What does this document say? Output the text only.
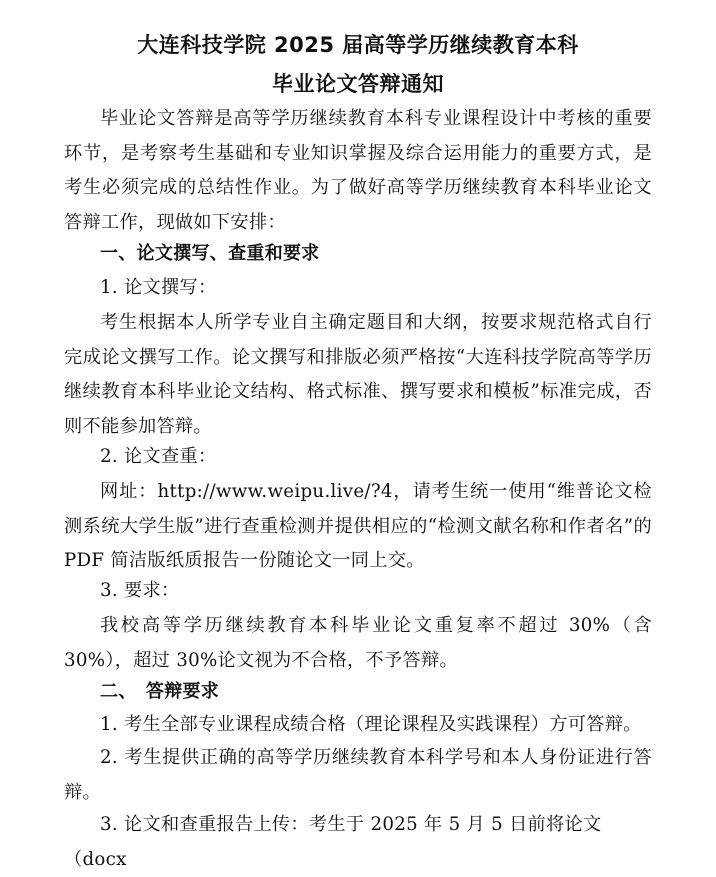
大连科技学院 2025 届高等学历继续教育本科
毕业论文答辩通知

毕业论文答辩是高等学历继续教育本科专业课程设计中考核的重要环节，是考察考生基础和专业知识掌握及综合运用能力的重要方式，是考生必须完成的总结性作业。为了做好高等学历继续教育本科毕业论文答辩工作，现做如下安排：

一、论文撰写、查重和要求

1. 论文撰写：

考生根据本人所学专业自主确定题目和大纲，按要求规范格式自行完成论文撰写工作。论文撰写和排版必须严格按“大连科技学院高等学历继续教育本科毕业论文结构、格式标准、撰写要求和模板”标准完成，否则不能参加答辩。

2. 论文查重：

网址：http://www.weipu.live/?4，请考生统一使用“维普论文检测系统大学生版”进行查重检测并提供相应的“检测文献名称和作者名”的 PDF 简洁版纸质报告一份随论文一同上交。

3. 要求：

我校高等学历继续教育本科毕业论文重复率不超过 30%（含 30%），超过 30%论文视为不合格，不予答辩。

二、　答辩要求

1. 考生全部专业课程成绩合格（理论课程及实践课程）方可答辩。

2. 考生提供正确的高等学历继续教育本科学号和本人身份证进行答辩。

3. 论文和查重报告上传：考生于 2025 年 5 月 5 日前将论文（docx
